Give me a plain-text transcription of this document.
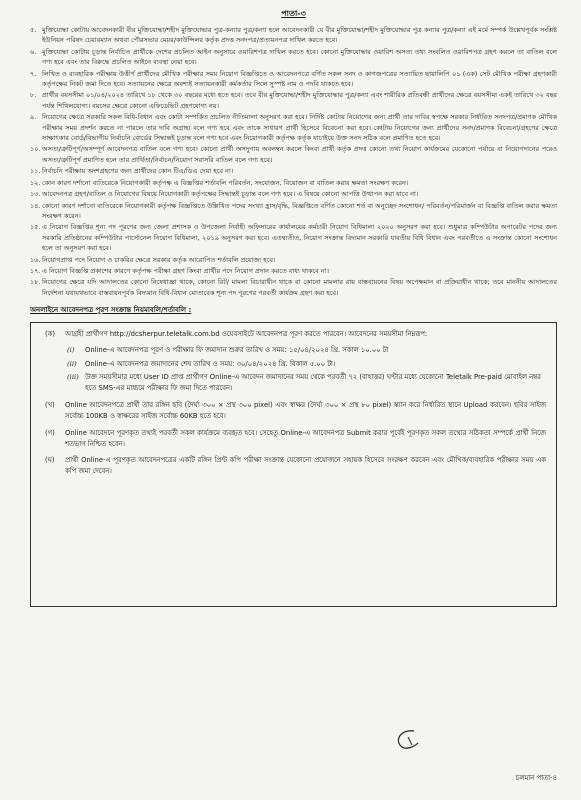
পাতা-৩
৫. মুক্তিযোদ্ধা কোটায় আবেদনকারী বীর মুক্তিযোদ্ধা/শহীদ মুক্তিযোদ্ধার পুত্র-কন্যার পুত্র/কন্যা হলে আবেদনকারী যে বীর মুক্তিযোদ্ধা/শহীদ মুক্তিযোদ্ধার পুত্র কন্যার পুত্র/কন্যা এই মর্মে সম্পর্ক উল্লেখপূর্বক সংশ্লিষ্ট ইউনিয়ন পরিষদ চেয়ারম্যান অথবা পৌরসভার মেয়র/কাউন্সিলর কর্তৃক প্রদত্ত সনদপত্র/প্রত্যয়নপত্র দাখিল করতে হবে।
৬. মুক্তিযোদ্ধা কোটায় চূড়ান্ত নির্বাচিত প্রার্থীকে দেশের প্রচলিত আইন অনুসারে ওয়ারিশপত্র দাখিল করতে হবে। কোনো মুক্তিযোদ্ধার ওয়ারিশ অসত্য তথ্য সংবলিত ওয়ারিশপত্র গ্রহণ করলে তা বাতিল বলে গণ্য হবে এবং তার বিরুদ্ধে প্রচলিত আইনে ব্যবস্থা নেয়া হবে।
৭. লিখিত ও ব্যবহারিক পরীক্ষায় উত্তীর্ণ প্রার্থীদের মৌখিক পরীক্ষার সময় নিয়োগ বিজ্ঞপ্তিতে ও আবেদনপত্রে বর্ণিত সকল সনদ ও কাগজপত্রের সত্যায়িত ছায়ালিপি ০১ (এক) সেট মৌখিক পরীক্ষা গ্রহণকারী কর্তৃপক্ষের নিকট জমা দিতে হবে। সত্যায়নের ক্ষেত্রে অবশ্যই সত্যায়নকারী কর্মকর্তার সিলে সুস্পষ্ট নাম ও পদবি থাকতে হবে।
৮. প্রার্থীর বয়সসীমা ০১/০৪/২০২৪ তারিখে ১৮ থেকে ৩০ বছরের মধ্যে হতে হবে। তবে বীর মুক্তিযোদ্ধা/শহীদ মুক্তিযোদ্ধার পুত্র/কন্যা এবং শারীরিক প্রতিবন্ধী প্রার্থীদের ক্ষেত্রে বয়সসীমা একই তারিখে ৩২ বছর পর্যন্ত শিথিলযোগ্য। বয়সের ক্ষেত্রে কোনো এফিডেভিট গ্রহণযোগ্য নয়।
৯. নিয়োগের ক্ষেত্রে সরকারি সকল বিধি-বিধান এবং কোটা সম্পর্কিত প্রচলিত নীতিমালা অনুসরণ করা হবে। নির্দিষ্ট কোটায় নিয়োগের জন্য প্রার্থী তার দাবির স্বপক্ষে সরকার নির্ধারিত সনদপত্র/প্রমাণক মৌখিক পরীক্ষার সময় প্রদর্শন করতে না পারলে তার দাবি অগ্রাহ্য বলে গণ্য হবে এবং তাকে সাধারণ প্রার্থী হিসেবে বিবেচনা করা হবে। কোটায় নিয়োগের জন্য প্রার্থীদের সনদ/প্রমাণক বিবেচনা/গ্রহণের ক্ষেত্রে সাক্ষাৎকার বোর্ড/বিভাগীয় নির্বাচনি বোর্ডের সিদ্ধান্তই চূড়ান্ত বলে গণ্য হবে এবং নিয়োগকারী কর্তৃপক্ষ কর্তৃক যাচাইয়ে উক্ত সনদ সঠিক বলে প্রমাণিত হতে হবে।
১০. অসত্য/ত্রুটিপূর্ণ/অসম্পূর্ণ আবেদনপত্র বাতিল বলে গণ্য হবে। কোনো প্রার্থী অসদুপায় অবলম্বন করলে কিংবা প্রার্থী কর্তৃক প্রদত্ত কোনো তথ্য নিয়োগ কার্যক্রমের যেকোনো পর্যায়ে বা নিয়োগদানের পরেও অসত্য/ত্রুটিপূর্ণ প্রমাণিত হলে তার প্রার্থিতা/নির্বাচন/নিয়োগ সরাসরি বাতিল বলে গণ্য হবে।
১১. নির্বাচনি পরীক্ষায় অংশগ্রহণের জন্য প্রার্থীদের কোন টিএ/ডিএ দেয়া হবে না।
১২. কোন কারণ দর্শানো ব্যতিরেকে নিয়োগকারী কর্তৃপক্ষ এ বিজ্ঞপ্তির শর্তাবলি পরিবর্তন, সংযোজন, বিয়োজন বা বাতিল করার ক্ষমতা সংরক্ষণ করেন।
১৩. আবেদনপত্র গ্রহণ/বাতিল ও নিয়োগের বিষয়ে নিয়োগকারী কর্তৃপক্ষের সিদ্ধান্তই চূড়ান্ত বলে গণ্য হবে। এ বিষয়ে কোনো আপত্তি উত্থাপন করা যাবে না।
১৪. কোনো কারণ দর্শানো ব্যতিরেকে নিয়োগকারী কর্তৃপক্ষ বিজ্ঞপ্তিতে উল্লিখিত পদের সংখ্যা হ্রাস/বৃদ্ধি, বিজ্ঞপ্তিতে বর্ণিত কোনো শর্ত বা অনুচ্ছেদ সংশোধন/ পরিবর্তন/পরিমার্জন বা বিজ্ঞপ্তি বাতিল করার ক্ষমতা সংরক্ষণ করেন।
১৫. এ নিয়োগ বিজ্ঞপ্তির শূন্য পদ পূরণের জন্য জেলা প্রশাসক ও উপজেলা নির্বাহী অফিসারের কার্যালয়ের কর্মচারী নিয়োগ বিধিমালা ২০২০ অনুসরণ করা হবে। শুধুমাত্র কম্পিউটার অপারেটর পদের জন্য সরকারি প্রতিষ্ঠানের কম্পিউটার পার্সোনেল নিয়োগ বিধিমালা, ২০১৯ অনুসরণ করা হবে। এতদ্ব্যতীত, নিয়োগ সংক্রান্ত বিদ্যমান সরকারি যাবতীয় বিধি বিধান এবং পরবর্তীতে এ সংক্রান্ত কোনো সংশোধন হলে তা অনুসরণ করা হবে।
১৬. নিয়োগপ্রাপ্ত পদে নিয়োগ ও চাকরির ক্ষেত্রে সরকার কর্তৃক আরোপিত শর্তাবলি প্রযোজ্য হবে।
১৭. এ নিয়োগ বিজ্ঞপ্তি প্রকাশের কারণে কর্তৃপক্ষ পরীক্ষা গ্রহণ কিংবা প্রার্থীর পদে নিয়োগ প্রদান করতে বাধ্য থাকবে না।
১৮. নিয়োগের ক্ষেত্রে যদি আদালতের কোনো নিষেধাজ্ঞা থাকে, কোনো রিট/ মামলা বিচারাধীন থাকে বা কোনো মামলার রায় বাস্তবায়নের বিষয় অপেক্ষমান বা প্রক্রিয়াধীন থাকে; তবে মাননীয় আদালতের নির্দেশনা যথাযথভাবে বাস্তবায়নপূর্বক বিদ্যমান বিধি-বিধান মোতাবেক শূন্য পদ পূরণের পরবর্তী কার্যক্রম গ্রহণ করা হবে।
অনলাইনে আবেদনপত্র পূরণ সংক্রান্ত নিয়মাবলি/শর্তাবলি :
(ক) আগ্রহী প্রার্থীগণ http://dcsherpur.teletalk.com.bd ওয়েবসাইটে আবেদনপত্র পূরণ করতে পারবেন। আবেদনের সময়সীমা নিম্নরূপ:
(i) Online-এ আবেদনপত্র পূরণ ও পরীক্ষার ফি জমাদান শুরুর তারিখ ও সময়: ১৫/০৪/২০২৪ খ্রি. সকাল ১০.০০ টা
(ii) Online-এ আবেদনপত্র জমাদানের শেষ তারিখ ও সময়: ৩০/০৪/২০২৪ খ্রি. বিকাল ৫.০০ টা।
(iii) উক্ত সময়সীমার মধ্যে User ID প্রাপ্ত প্রার্থীগণ Online-এ আবেদন জমাদানের সময় থেকে পরবর্তী ৭২ (বাহাত্তর) ঘণ্টার মধ্যে যেকোনো Teletalk Pre-paid মোবাইল নম্বর হতে SMS-এর মাধ্যমে পরীক্ষার ফি জমা দিতে পারবেন।
(খ) Online আবেদনপত্রে প্রার্থী তার রঙ্গিন ছবি (দৈর্ঘ্য ৩০০ × প্রস্থ ৩০০ pixel) এবং স্বাক্ষর (দৈর্ঘ্য ৩০০ × প্রস্থ ৮০ pixel) স্ক্যান করে নির্ধারিত স্থানে Upload করবেন। ছবির সাইজ সর্বোচ্চ 100KB ও স্বাক্ষরের সাইজ সর্বোচ্চ 60KB হতে হবে।
(গ) Online আবেদনে পূরণকৃত তথ্যই পরবর্তী সকল কার্যক্রমে ব্যবহৃত হবে। সেহেতু Online-এ আবেদনপত্র Submit করার পূর্বেই পূরণকৃত সকল তথ্যের সঠিকতা সম্পর্কে প্রার্থী নিজে শতভাগ নিশ্চিত হবেন।
(ঘ) প্রার্থী Online-এ পূরণকৃত আবেদনপত্রের একটি রঙ্গিন প্রিন্ট কপি পরীক্ষা সংক্রান্ত যেকোনো প্রয়োজনে সহায়ক হিসেবে সংরক্ষণ করবেন এবং মৌখিক/ব্যবহারিক পরীক্ষার সময় এক কপি জমা দেবেন।
চলমান পাতা-৪
